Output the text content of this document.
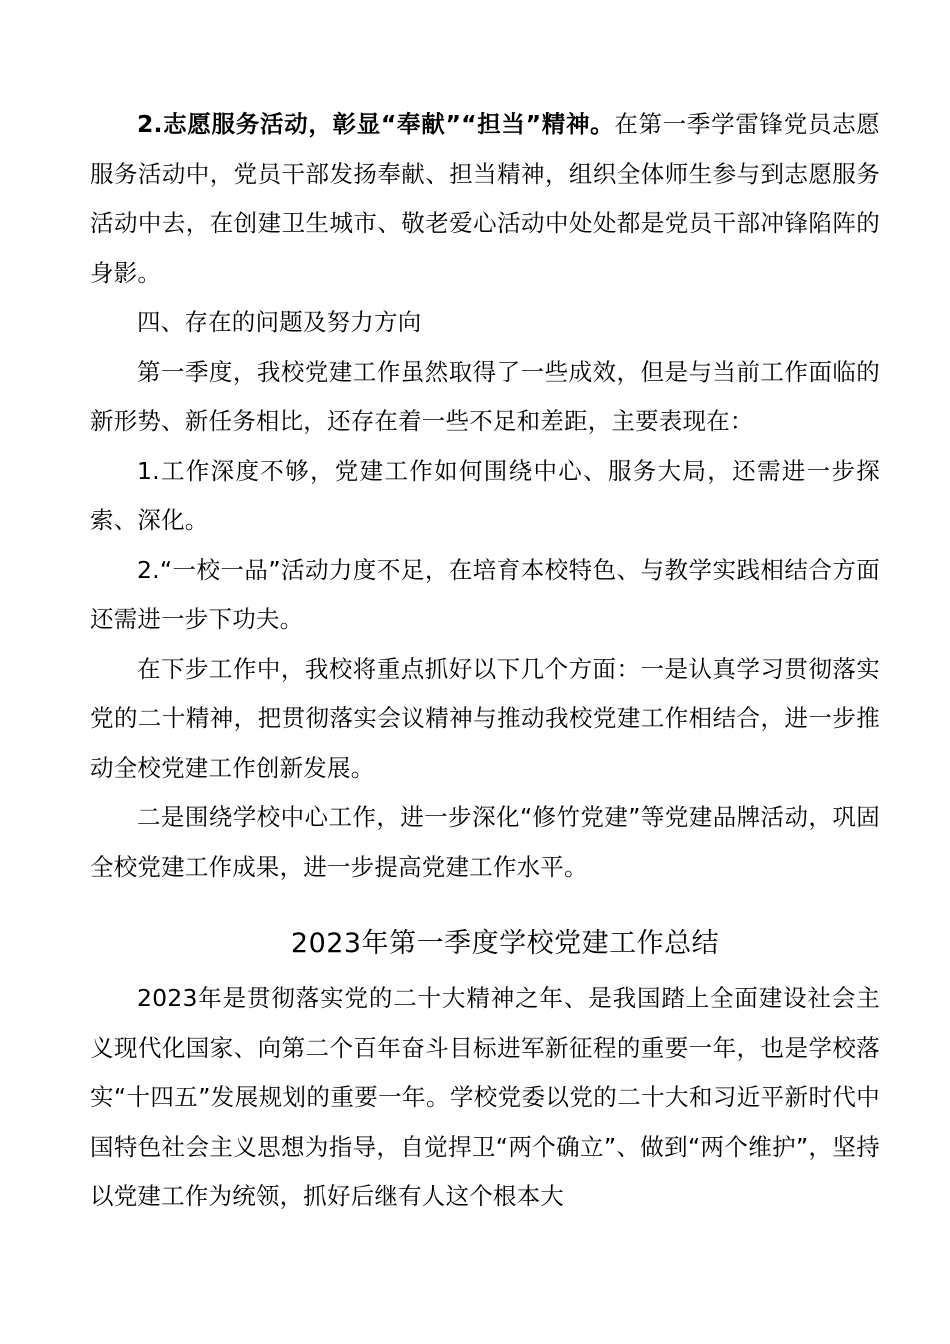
2.志愿服务活动，彰显“奉献”“担当”精神。在第一季学雷锋党员志愿服务活动中，党员干部发扬奉献、担当精神，组织全体师生参与到志愿服务活动中去，在创建卫生城市、敬老爱心活动中处处都是党员干部冲锋陷阵的身影。

四、存在的问题及努力方向

第一季度，我校党建工作虽然取得了一些成效，但是与当前工作面临的新形势、新任务相比，还存在着一些不足和差距，主要表现在：

1.工作深度不够，党建工作如何围绕中心、服务大局，还需进一步探索、深化。

2.“一校一品”活动力度不足，在培育本校特色、与教学实践相结合方面还需进一步下功夫。

在下步工作中，我校将重点抓好以下几个方面：一是认真学习贯彻落实党的二十精神，把贯彻落实会议精神与推动我校党建工作相结合，进一步推动全校党建工作创新发展。

二是围绕学校中心工作，进一步深化“修竹党建”等党建品牌活动，巩固全校党建工作成果，进一步提高党建工作水平。

2023年第一季度学校党建工作总结

2023年是贯彻落实党的二十大精神之年、是我国踏上全面建设社会主义现代化国家、向第二个百年奋斗目标进军新征程的重要一年，也是学校落实“十四五”发展规划的重要一年。学校党委以党的二十大和习近平新时代中国特色社会主义思想为指导，自觉捍卫“两个确立”、做到“两个维护”，坚持以党建工作为统领，抓好后继有人这个根本大
